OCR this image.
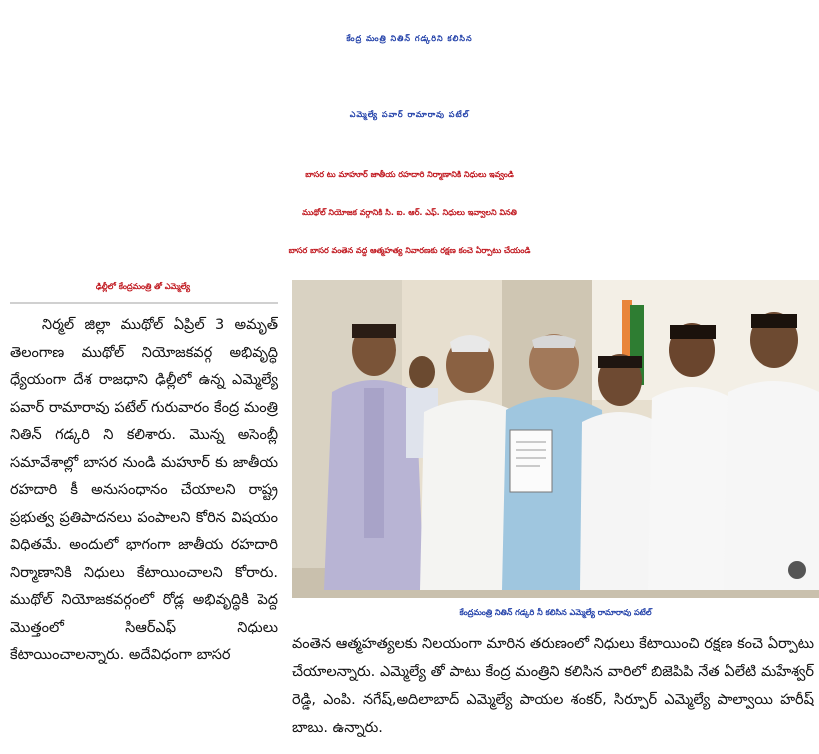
కేంద్ర మంత్రి నితిన్ గడ్కరిని కలిసిన
ఎమ్మెల్యే పవార్ రామారావు పటేల్
బాసర టు మాహూర్ జాతీయ రహదారి నిర్మాణానికి నిధులు ఇవ్వండి
ముథోల్ నియోజక వర్గానికి సి. ఐ. ఆర్. ఎఫ్. నిధులు ఇవ్వాలని వినతి
బాసర బాసర వంతెన వద్ద ఆత్మహత్య నివారణకు రక్షణ కంచె ఏర్పాటు చేయండి
ఢిల్లీలో కేంద్రమంత్రి తో ఎమ్మెల్యే
నిర్మల్ జిల్లా ముథోల్ ఏప్రిల్ 3 అమృత్ తెలంగాణ ముథోల్ నియోజకవర్గ అభివృద్ధి ధ్యేయంగా దేశ రాజధాని ఢిల్లీలో ఉన్న ఎమ్మెల్యే పవార్ రామారావు పటేల్ గురువారం కేంద్ర మంత్రి నితిన్ గడ్కరి ని కలిశారు. మొన్న అసెంబ్లీ సమావేశాల్లో బాసర నుండి మహూర్ కు జాతీయ రహదారి కీ అనుసంధానం చేయాలని రాష్ట్ర ప్రభుత్వ ప్రతిపాదనలు పంపాలని కోరిన విషయం విధితమే. అందులో భాగంగా జాతీయ రహదారి నిర్మాణానికి నిధులు కేటాయించాలని కోరారు. ముథోల్ నియోజకవర్గంలో రోడ్ల అభివృద్ధికి పెద్ద మొత్తంలో సిఆర్ఎఫ్ నిధులు కేటాయించాలన్నారు. అదేవిధంగా బాసర
కేంద్రమంత్రి నితిన్ గడ్కరి నీ కలిసిన ఎమ్మెల్యే రామారావు పటేల్
వంతెన ఆత్మహత్యలకు నిలయంగా మారిన తరుణంలో నిధులు కేటాయించి రక్షణ కంచె ఏర్పాటు చేయాలన్నారు. ఎమ్మెల్యే తో పాటు కేంద్ర మంత్రిని కలిసిన వారిలో బిజెపిపి నేత ఏలేటి మహేశ్వర్ రెడ్డి, ఎంపి. నగేష్,అదిలాబాద్ ఎమ్మెల్యే పాయల శంకర్, సిర్పూర్ ఎమ్మెల్యే పాల్వాయి హరీష్ బాబు. ఉన్నారు.
